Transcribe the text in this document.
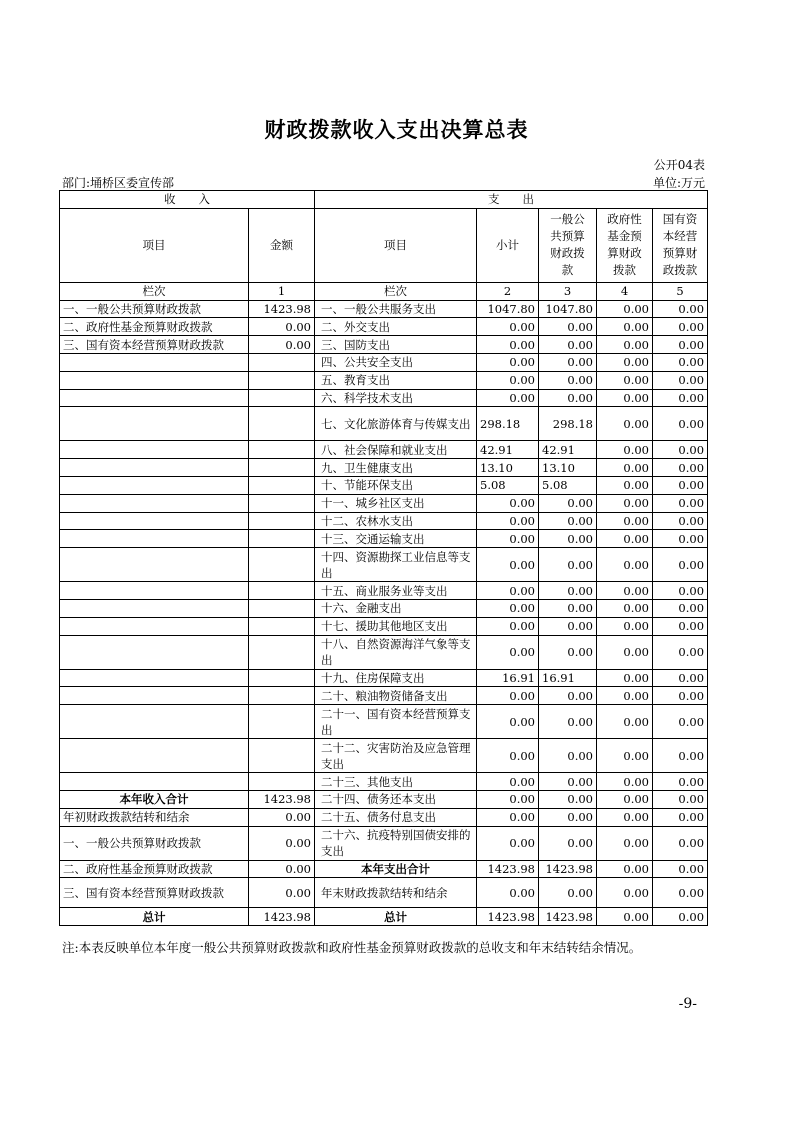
财政拨款收入支出决算总表
公开04表
部门:埇桥区委宣传部	单位:万元
收　　入		支　　出				
项目	金额	项目	小计	一般公共预算财政拨款	政府性基金预算财政拨款	国有资本经营预算财政拨款
栏次	1	栏次	2	3	4	5
一、一般公共预算财政拨款	1423.98	一、一般公共服务支出	1047.80	1047.80	0.00	0.00
二、政府性基金预算财政拨款	0.00	二、外交支出	0.00	0.00	0.00	0.00
三、国有资本经营预算财政拨款	0.00	三、国防支出	0.00	0.00	0.00	0.00
		四、公共安全支出	0.00	0.00	0.00	0.00
		五、教育支出	0.00	0.00	0.00	0.00
		六、科学技术支出	0.00	0.00	0.00	0.00
		七、文化旅游体育与传媒支出	298.18	298.18	0.00	0.00
		八、社会保障和就业支出	42.91	42.91	0.00	0.00
		九、卫生健康支出	13.10	13.10	0.00	0.00
		十、节能环保支出	5.08	5.08	0.00	0.00
		十一、城乡社区支出	0.00	0.00	0.00	0.00
		十二、农林水支出	0.00	0.00	0.00	0.00
		十三、交通运输支出	0.00	0.00	0.00	0.00
		十四、资源勘探工业信息等支出	0.00	0.00	0.00	0.00
		十五、商业服务业等支出	0.00	0.00	0.00	0.00
		十六、金融支出	0.00	0.00	0.00	0.00
		十七、援助其他地区支出	0.00	0.00	0.00	0.00
		十八、自然资源海洋气象等支出	0.00	0.00	0.00	0.00
		十九、住房保障支出	16.91	16.91	0.00	0.00
		二十、粮油物资储备支出	0.00	0.00	0.00	0.00
		二十一、国有资本经营预算支出	0.00	0.00	0.00	0.00
		二十二、灾害防治及应急管理支出	0.00	0.00	0.00	0.00
		二十三、其他支出	0.00	0.00	0.00	0.00
本年收入合计	1423.98	二十四、债务还本支出	0.00	0.00	0.00	0.00
年初财政拨款结转和结余	0.00	二十五、债务付息支出	0.00	0.00	0.00	0.00
一、一般公共预算财政拨款	0.00	二十六、抗疫特别国债安排的支出	0.00	0.00	0.00	0.00
二、政府性基金预算财政拨款	0.00	本年支出合计	1423.98	1423.98	0.00	0.00
三、国有资本经营预算财政拨款	0.00	年末财政拨款结转和结余	0.00	0.00	0.00	0.00
总计	1423.98	总计	1423.98	1423.98	0.00	0.00
注:本表反映单位本年度一般公共预算财政拨款和政府性基金预算财政拨款的总收支和年末结转结余情况。
-9-
